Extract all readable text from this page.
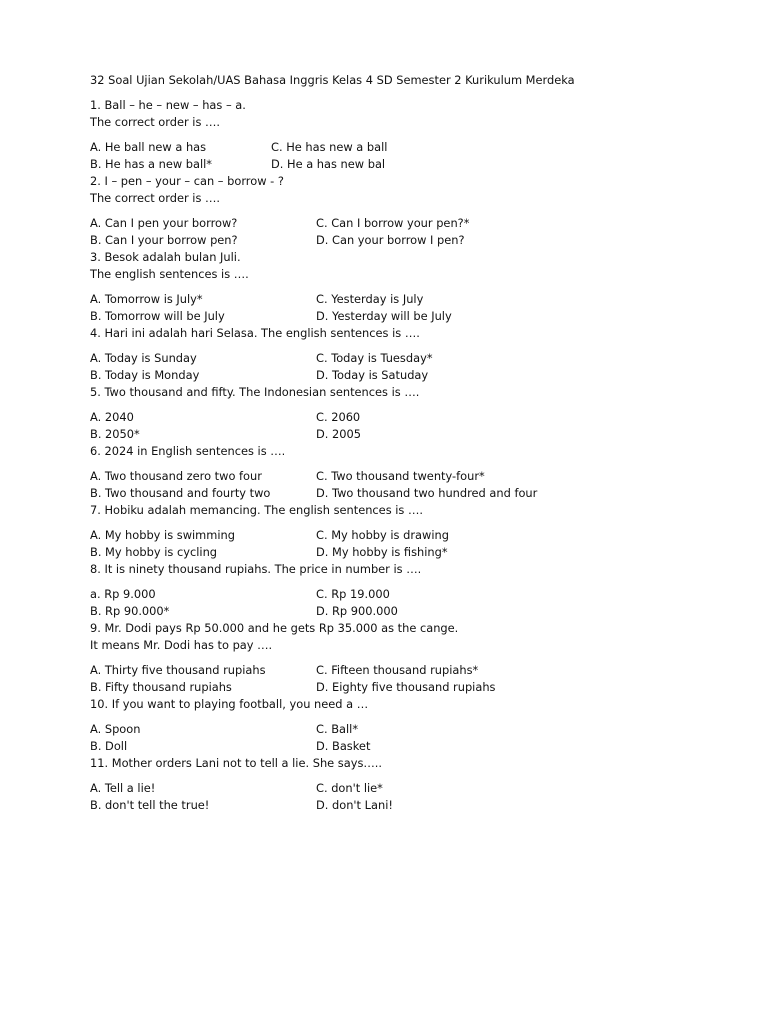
32 Soal Ujian Sekolah/UAS Bahasa Inggris Kelas 4 SD Semester 2 Kurikulum Merdeka
1. Ball – he – new – has – a.
The correct order is ….
A. He ball new a has	C. He has new a ball
B. He has a new ball*	D. He a has new bal
2. I – pen – your – can – borrow - ?
The correct order is ….
A. Can I pen your borrow?	C. Can I borrow your pen?*
B. Can I your borrow pen?	D. Can your borrow I pen?
3. Besok adalah bulan Juli.
The english sentences is ….
A. Tomorrow is July*	C. Yesterday is July
B. Tomorrow will be July	D. Yesterday will be July
4. Hari ini adalah hari Selasa. The english sentences is ….
A. Today is Sunday	C. Today is Tuesday*
B. Today is Monday	D. Today is Satuday
5. Two thousand and fifty. The Indonesian sentences is ….
A. 2040	C. 2060
B. 2050*	D. 2005
6. 2024 in English sentences is ….
A. Two thousand zero two four	C. Two thousand twenty-four*
B. Two thousand and fourty two	D. Two thousand two hundred and four
7. Hobiku adalah memancing. The english sentences is ….
A. My hobby is swimming	C. My hobby is drawing
B. My hobby is cycling	D. My hobby is fishing*
8. It is ninety thousand rupiahs. The price in number is ….
a. Rp 9.000	C. Rp 19.000
B. Rp 90.000*	D. Rp 900.000
9. Mr. Dodi pays Rp 50.000 and he gets Rp 35.000 as the cange.
It means Mr. Dodi has to pay ….
A. Thirty five thousand rupiahs	C. Fifteen thousand rupiahs*
B. Fifty thousand rupiahs	D. Eighty five thousand rupiahs
10. If you want to playing football, you need a …
A. Spoon	C. Ball*
B. Doll	D. Basket
11. Mother orders Lani not to tell a lie. She says…..
A. Tell a lie!	C. don't lie*
B. don't tell the true!	D. don't Lani!
